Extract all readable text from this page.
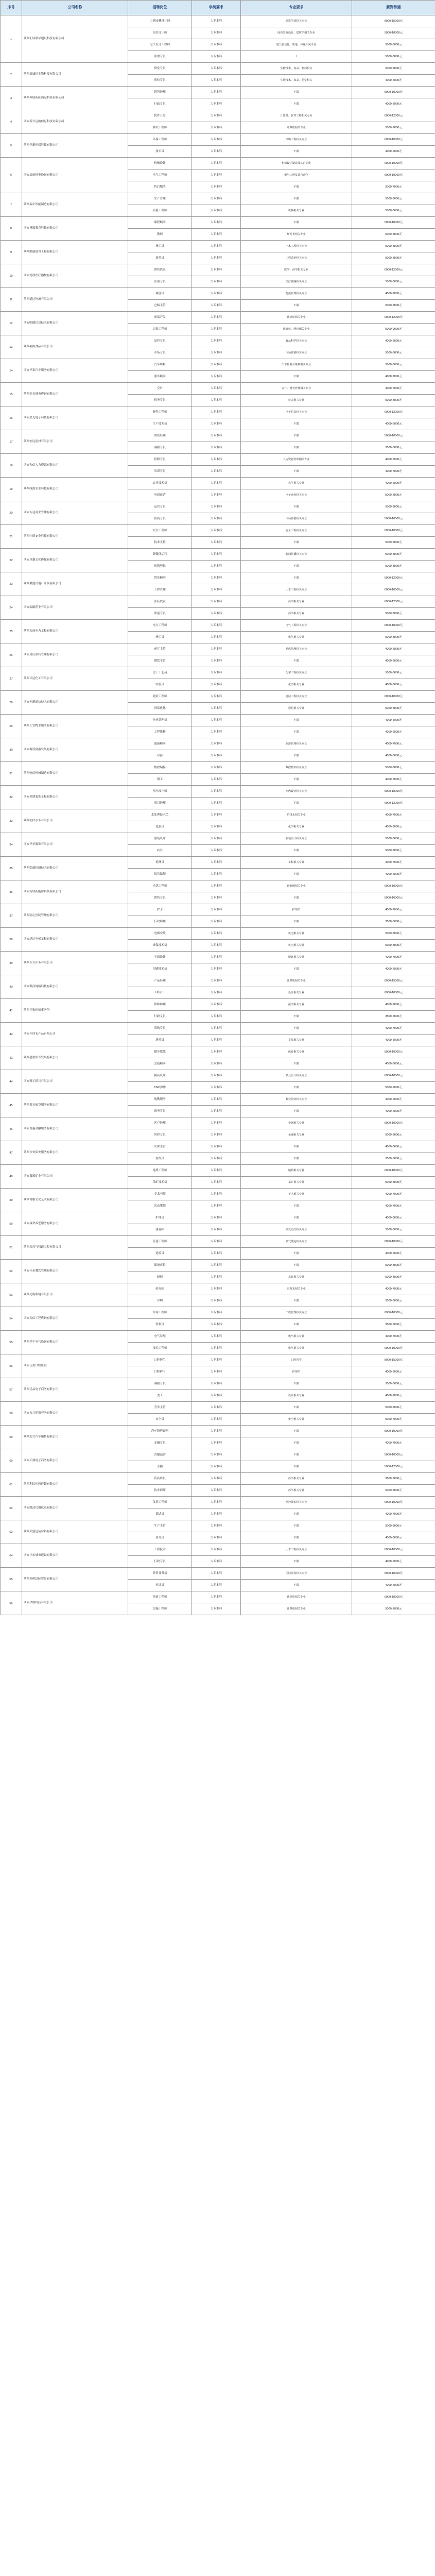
序号	公司名称	招聘岗位	学历要求	专业要求	薪资待遇
1	陕西汇绿联华建设科技有限公司	工业园林设计师	大专本科	建筑学或相关专业	8000-15000元
		项目设计师	大专本科	园林景观设计、建筑学相关专业	5000-10000元
		电气设计工程师	大专本科	电气自动化、机电一体化相关专业	5000-8000元
		监理专员	大专本科	/	5000-8000元
2	陕西嘉诚恒生物科技有限公司	研发专员	大专本科	生物技术、食品、制药相关	5000-8000元
		质检专员	大专本科	生物技术、食品、药学相关	4000-6000元
3	陕西西咸新区鸿运科技有限公司	销售经理	大专本科	不限	5000-10000元
		行政专员	大专本科	不限	4000-6000元
4	西安新兴远航信息科技有限公司	软件开发	大专本科	计算机、软件工程相关专业	6000-12000元
		测试工程师	大专本科	计算机相关专业	5000-9000元
5	陕西华新环保科技有限公司	环保工程师	大专本科	环境工程相关专业	6000-10000元
		技术员	大专本科	不限	4000-6000元
6	西安启航机电设备有限公司	机械设计	大专本科	机械设计制造及其自动化	6000-10000元
		电气工程师	大专本科	电气工程及其自动化	6000-10000元
		售后服务	大专本科	不限	5000-7000元
7	陕西瑞丰智能制造有限公司	生产管理	大专本科	不限	5000-8000元
		质量工程师	大专本科	机械相关专业	5000-8000元
8	西安博源教育科技有限公司	课程顾问	大专本科	不限	5000-10000元
		教师	大专本科	师范类相关专业	5000-8000元
9	陕西联创建设工程有限公司	施工员	大专本科	土木工程相关专业	5000-8000元
		造价员	大专本科	工程造价相关专业	5000-8000元
10	西安德润医疗器械有限公司	销售代表	大专本科	医学、药学相关专业	6000-12000元
		注册专员	大专本科	医疗器械相关专业	5000-8000元
11	陕西通达物流有限公司	调度员	大专本科	物流管理相关专业	4000-7000元
		仓储主管	大专本科	不限	5000-8000元
12	西安明德信息技术有限公司	前端开发	大专本科	计算机相关专业	6000-12000元
		运维工程师	大专本科	计算机、网络相关专业	5000-9000元
13	陕西福源食品有限公司	品控专员	大专本科	食品科学相关专业	4000-6000元
		市场专员	大专本科	市场营销相关专业	5000-8000元
14	西安华泰汽车服务有限公司	汽车维修	大专本科	汽车检测与维修相关专业	5000-8000元
		服务顾问	大专本科	不限	4000-7000元
15	陕西金石财务咨询有限公司	会计	大专本科	会计、财务管理相关专业	4000-7000元
		税务专员	大专本科	财会相关专业	5000-8000元
16	西安晨光电子科技有限公司	硬件工程师	大专本科	电子信息相关专业	6000-12000元
		生产技术员	大专本科	不限	4000-6000元
17	陕西宏远建材有限公司	销售经理	大专本科	不限	5000-10000元
		客服专员	大专本科	不限	3500-5000元
18	西安和信人力资源有限公司	招聘专员	大专本科	人力资源管理相关专业	4000-7000元
		培训专员	大专本科	不限	4000-7000元
19	陕西绿源农业科技有限公司	农业技术员	大专本科	农学相关专业	4000-6000元
		电商运营	大专本科	电子商务相关专业	5000-8000元
20	西安万达商业管理有限公司	运营专员	大专本科	不限	5000-8000元
		招商专员	大专本科	市场营销相关专业	5000-10000元
21	陕西中联安全科技有限公司	安全工程师	大专本科	安全工程相关专业	6000-10000元
		技术支持	大专本科	不限	5000-8000元
22	西安卓越文化传媒有限公司	新媒体运营	大专本科	新闻传播相关专业	5000-8000元
		视频剪辑	大专本科	不限	5000-8000元
23	陕西鼎盛房地产开发有限公司	置业顾问	大专本科	不限	5000-12000元
		工程管理	大专本科	土木工程相关专业	6000-10000元
24	西安瑞康药业有限公司	医药代表	大专本科	药学相关专业	6000-12000元
		质量专员	大专本科	药学相关专业	5000-8000元
25	陕西天成电力工程有限公司	电力工程师	大专本科	电气工程相关专业	6000-10000元
		施工员	大专本科	电气相关专业	5000-8000元
26	西安星辰酒店管理有限公司	前厅主管	大专本科	酒店管理相关专业	4000-6000元
		餐饮主管	大专本科	不限	4000-6000元
27	陕西兴达化工有限公司	化工工艺员	大专本科	化学工程相关专业	5000-8000元
		实验员	大专本科	化学相关专业	4000-6000元
28	西安创新通信技术有限公司	通信工程师	大专本科	通信工程相关专业	6000-10000元
		网络优化	大专本科	通信相关专业	5000-8000元
29	陕西长安物业服务有限公司	物业管理员	大专本科	不限	4000-6000元
		工程维修	大专本科	不限	4000-6000元
30	西安海蓝旅游发展有限公司	旅游顾问	大专本科	旅游管理相关专业	4000-7000元
		导游	大专本科	不限	4000-8000元
31	陕西恒信机械制造有限公司	数控编程	大专本科	数控技术相关专业	5000-8000元
		钳工	大专本科	不限	4000-7000元
32	西安金鼎装饰工程有限公司	室内设计师	大专本科	室内设计相关专业	5000-10000元
		项目经理	大专本科	不限	6000-12000元
33	陕西润泽水务有限公司	水处理技术员	大专本科	给排水相关专业	4000-7000元
		化验员	大专本科	化学相关专业	4000-6000元
34	西安华美服饰有限公司	服装设计	大专本科	服装设计相关专业	5000-8000元
		店长	大专本科	不限	5000-8000元
35	陕西弘毅检测技术有限公司	检测员	大专本科	工程相关专业	4000-7000元
		报告编制	大专本科	不限	4000-6000元
36	西安智联新能源科技有限公司	光伏工程师	大专本科	新能源相关专业	6000-10000元
		销售专员	大专本科	不限	5000-10000元
37	陕西同心医院管理有限公司	护士	大专本科	护理学	4000-7000元
		行政助理	大专本科	不限	3500-5000元
38	西安迅达电梯工程有限公司	电梯安装	大专本科	机电相关专业	5000-8000元
		维保技术员	大专本科	机电相关专业	5000-8000元
39	陕西东方印务有限公司	平面设计	大专本科	设计相关专业	4000-7000元
		印刷技术员	大专本科	不限	4000-6000元
40	西安银河网络科技有限公司	产品经理	大专本科	计算机相关专业	8000-15000元
		UI设计	大专本科	设计相关专业	6000-10000元
41	陕西正和律师事务所	律师助理	大专本科	法学相关专业	4000-7000元
		行政文员	大专本科	不限	3500-5000元
42	西安丰泽农产品有限公司	采购专员	大专本科	不限	4000-7000元
		质检员	大专本科	食品相关专业	4000-6000元
43	陕西盛世体育发展有限公司	健身教练	大专本科	体育相关专业	5000-10000元
		会籍顾问	大专本科	不限	4000-8000元
44	西安精工模具有限公司	模具设计	大专本科	模具设计相关专业	6000-10000元
		CNC操作	大专本科	不限	5000-7000元
45	陕西蓝天航空服务有限公司	地勤服务	大专本科	航空服务相关专业	4000-6000元
		票务专员	大专本科	不限	4000-6000元
46	西安普惠金融服务有限公司	客户经理	大专本科	金融相关专业	5000-10000元
		风控专员	大专本科	金融相关专业	5000-8000元
47	陕西永安保安服务有限公司	安保主管	大专本科	不限	4000-6000元
		监控员	大专本科	不限	3500-5000元
48	西安鑫源矿业有限公司	地质工程师	大专本科	地质相关专业	6000-10000元
		采矿技术员	大专本科	采矿相关专业	5000-8000元
49	陕西博雅文化艺术有限公司	美术老师	大专本科	美术相关专业	4000-7000元
		活动策划	大专本科	不限	4000-7000元
50	西安康华养老服务有限公司	护理员	大专本科	不限	4000-6000元
		康复师	大专本科	康复治疗相关专业	5000-8000元
51	陕西天然气管道工程有限公司	管道工程师	大专本科	油气储运相关专业	6000-10000元
		巡检员	大专本科	不限	4000-6000元
52	西安佳禾餐饮管理有限公司	储备店长	大专本科	不限	5000-8000元
		厨师	大专本科	烹饪相关专业	5000-8000元
53	陕西光明眼镜有限公司	验光师	大专本科	眼视光相关专业	4000-7000元
		导购	大专本科	不限	3500-6000元
54	西安众信工程咨询有限公司	咨询工程师	大专本科	工程管理相关专业	6000-10000元
		资料员	大专本科	不限	3500-5000元
55	陕西华宇电气设备有限公司	电气装配	大专本科	电气相关专业	4000-7000元
		技术工程师	大专本科	电气相关专业	6000-10000元
56	西安佳美口腔医院	口腔医生	大专本科	口腔医学	8000-15000元
		口腔护士	大专本科	护理学	4000-6000元
57	陕西优品电子商务有限公司	客服专员	大专本科	不限	3500-6000元
		美工	大专本科	设计相关专业	4000-7000元
58	西安永兴建筑劳务有限公司	劳务主管	大专本科	不限	5000-8000元
		安全员	大专本科	安全相关专业	5000-7000元
59	陕西北方汽车销售有限公司	汽车销售顾问	大专本科	不限	5000-10000元
		金融专员	大专本科	不限	4000-7000元
60	西安天诚电子商务有限公司	直播运营	大专本科	不限	5000-10000元
		主播	大专本科	不限	5000-12000元
61	陕西利民医药连锁有限公司	药店店员	大专本科	药学相关专业	3500-6000元
		执业药师	大专本科	药学相关专业	5000-8000元
62	西安凯达仪器仪表有限公司	仪表工程师	大专本科	测控技术相关专业	6000-10000元
		调试员	大专本科	不限	4000-7000元
63	陕西荣盛包装材料有限公司	生产主管	大专本科	不限	5000-8000元
		业务员	大专本科	不限	4000-8000元
64	西安沣东城市建设有限公司	工程技术	大专本科	土木工程相关专业	6000-10000元
		行政专员	大专本科	不限	4000-6000元
65	陕西金桥国际贸易有限公司	外贸业务员	大专本科	国际贸易相关专业	5000-10000元
		单证员	大专本科	不限	4000-6000元
66	西安华胜科技有限公司	售前工程师	大专本科	计算机相关专业	6000-10000元
		实施工程师	大专本科	计算机相关专业	5000-8000元
